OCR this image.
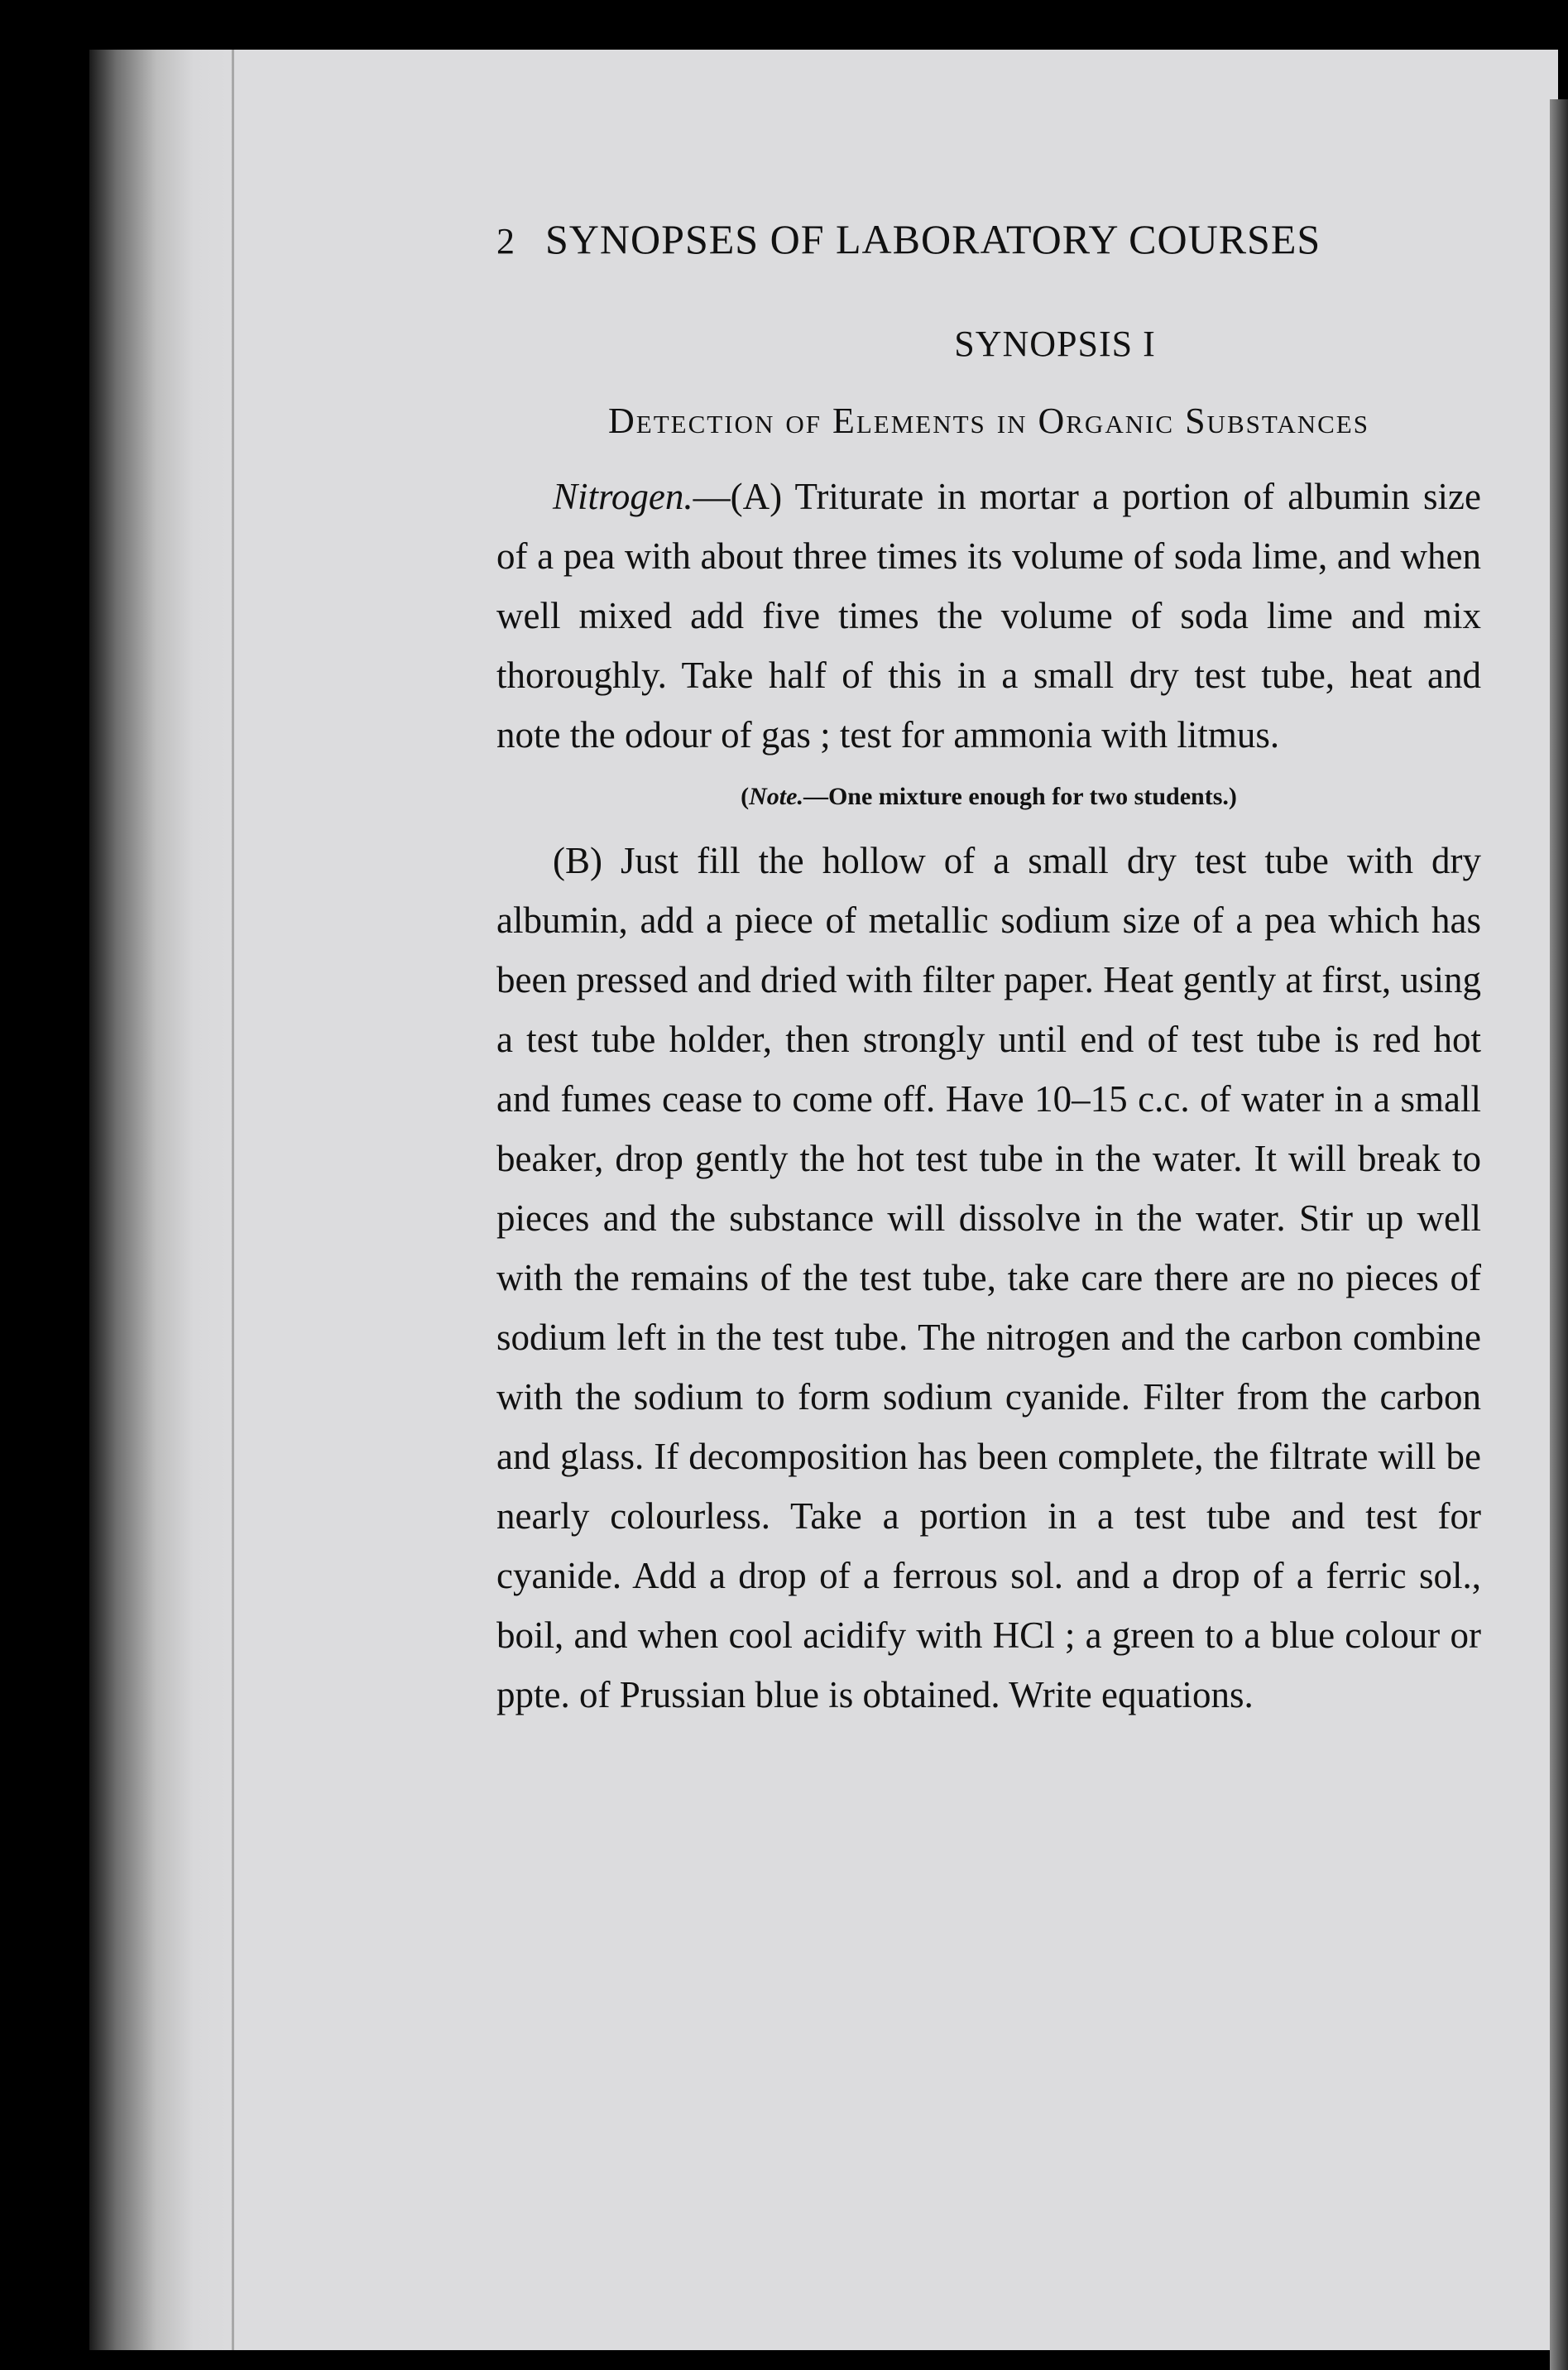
2 SYNOPSES OF LABORATORY COURSES
SYNOPSIS I
Detection of Elements in Organic Substances

Nitrogen.—(A) Triturate in mortar a portion of albumin size of a pea with about three times its volume of soda lime, and when well mixed add five times the volume of soda lime and mix thoroughly. Take half of this in a small dry test tube, heat and note the odour of gas ; test for ammonia with litmus.

(Note.—One mixture enough for two students.)

(B) Just fill the hollow of a small dry test tube with dry albumin, add a piece of metallic sodium size of a pea which has been pressed and dried with filter paper. Heat gently at first, using a test tube holder, then strongly until end of test tube is red hot and fumes cease to come off. Have 10–15 c.c. of water in a small beaker, drop gently the hot test tube in the water. It will break to pieces and the substance will dissolve in the water. Stir up well with the remains of the test tube, take care there are no pieces of sodium left in the test tube. The nitrogen and the carbon combine with the sodium to form sodium cyanide. Filter from the carbon and glass. If decomposition has been complete, the filtrate will be nearly colourless. Take a portion in a test tube and test for cyanide. Add a drop of a ferrous sol. and a drop of a ferric sol., boil, and when cool acidify with HCl ; a green to a blue colour or ppte. of Prussian blue is obtained. Write equations.
